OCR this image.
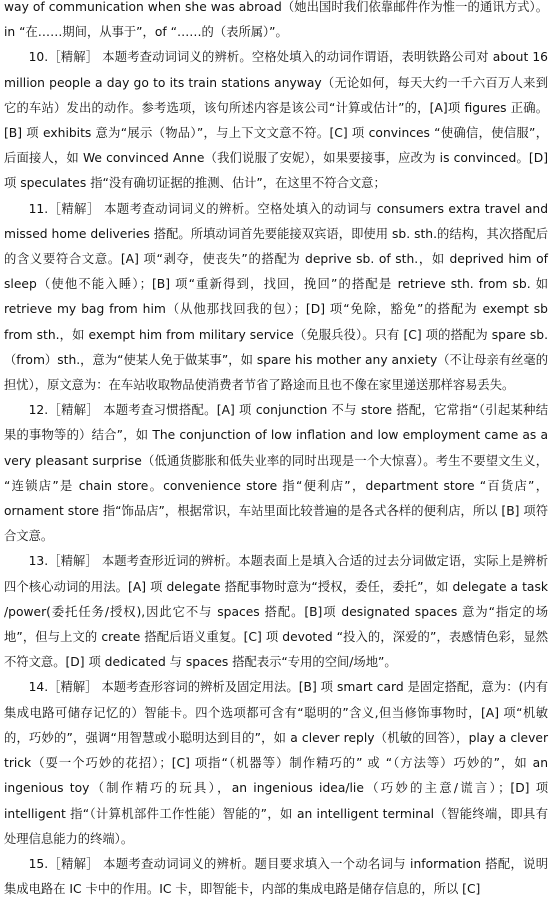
way of communication when she was abroad（她出国时我们依靠邮件作为惟一的通讯方式）。in “在……期间，从事于”，of “……的（表所属）”。

10.［精解］ 本题考查动词词义的辨析。空格处填入的动词作谓语，表明铁路公司对 about 16 million people a day go to its train stations anyway（无论如何，每天大约一千六百万人来到它的车站）发出的动作。参考选项，该句所述内容是该公司“计算或估计”的，[A]项 figures 正确。[B] 项 exhibits 意为“展示（物品）”，与上下文文意不符。[C] 项 convinces “使确信，使信服”，后面接人，如 We convinced Anne（我们说服了安妮），如果要接事，应改为 is convinced。[D] 项 speculates 指“没有确切证据的推测、估计”，在这里不符合文意；

11.［精解］ 本题考查动词词义的辨析。空格处填入的动词与 consumers extra travel and missed home deliveries 搭配。所填动词首先要能接双宾语，即使用 sb. sth.的结构，其次搭配后的含义要符合文意。[A] 项“剥夺，使丧失”的搭配为 deprive sb. of sth.，如 deprived him of sleep（使他不能入睡）；[B] 项“重新得到，找回，挽回”的搭配是 retrieve sth. from sb. 如 retrieve my bag from him（从他那找回我的包）；[D] 项“免除，豁免”的搭配为 exempt sb from sth.，如 exempt him from military service（免服兵役）。只有 [C] 项的搭配为 spare sb.（from）sth.，意为“使某人免于做某事”，如 spare his mother any anxiety（不让母亲有丝毫的担忧），原文意为：在车站收取物品使消费者节省了路途而且也不像在家里递送那样容易丢失。

12.［精解］ 本题考查习惯搭配。[A] 项 conjunction 不与 store 搭配，它常指“（引起某种结果的事物等的）结合”，如 The conjunction of low inflation and low employment came as a very pleasant surprise（低通货膨胀和低失业率的同时出现是一个大惊喜）。考生不要望文生义， “连锁店”是 chain store。convenience store 指“便利店”，department store “百货店”，ornament store 指“饰品店”，根据常识，车站里面比较普遍的是各式各样的便利店，所以 [B] 项符合文意。

13.［精解］ 本题考查形近词的辨析。本题表面上是填入合适的过去分词做定语，实际上是辨析四个核心动词的用法。[A] 项 delegate 搭配事物时意为“授权，委任，委托”，如 delegate a task /power(委托任务/授权),因此它不与 spaces 搭配。[B]项 designated spaces 意为“指定的场地”，但与上文的 create 搭配后语义重复。[C] 项 devoted “投入的，深爱的”，表感情色彩，显然不符文意。[D] 项 dedicated 与 spaces 搭配表示“专用的空间/场地”。

14.［精解］ 本题考查形容词的辨析及固定用法。[B] 项 smart card 是固定搭配，意为：(内有集成电路可储存记忆的）智能卡。四个选项都可含有“聪明的”含义,但当修饰事物时，[A] 项“机敏的，巧妙的”，强调“用智慧或小聪明达到目的”，如 a clever reply（机敏的回答），play a clever trick（耍一个巧妙的花招）；[C] 项指“（机器等）制作精巧的” 或 “（方法等）巧妙的”，如 an ingenious toy（制作精巧的玩具），an ingenious idea/lie（巧妙的主意/谎言）；[D] 项 intelligent 指“（计算机部件工作性能）智能的”，如 an intelligent terminal（智能终端，即具有处理信息能力的终端）。

15.［精解］ 本题考查动词词义的辨析。题目要求填入一个动名词与 information 搭配，说明集成电路在 IC 卡中的作用。IC 卡，即智能卡，内部的集成电路是储存信息的，所以 [C]
